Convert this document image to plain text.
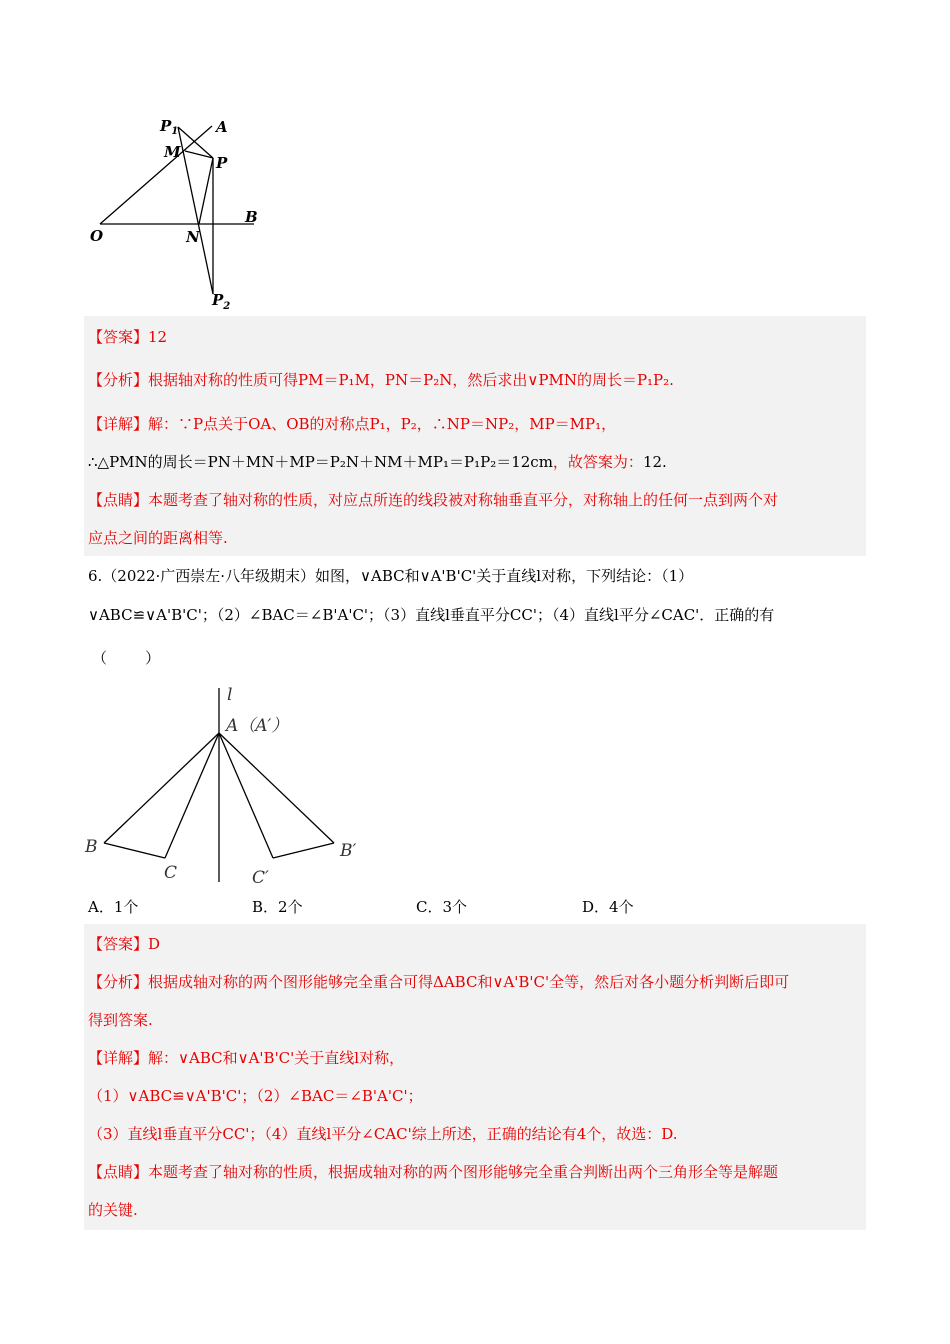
$P_1$	A
M
P
O	N
B
$P_2$
【答案】12
【分析】根据轴对称的性质可得PM＝P₁M，PN＝P₂N，然后求出∨PMN的周长＝P₁P₂.
【详解】解：∵P点关于OA、OB的对称点P₁，P₂，∴NP＝NP₂，MP＝MP₁，
∴△PMN的周长＝PN＋MN＋MP＝P₂N＋NM＋MP₁＝P₁P₂＝12cm，故答案为：12.
【点睛】本题考查了轴对称的性质，对应点所连的线段被对称轴垂直平分，对称轴上的任何一点到两个对
应点之间的距离相等.
6.（2022·广西崇左·八年级期末）如图，∨ABC和∨A'B'C'关于直线l对称，下列结论：（1）
∨ABC≌∨A'B'C'；（2）∠BAC＝∠B'A'C'；（3）直线l垂直平分CC'；（4）直线l平分∠CAC'．正确的有
（        ）
l
A（A′）
B
C	C′
B′
A．1个	B．2个	C．3个	D．4个
【答案】D
【分析】根据成轴对称的两个图形能够完全重合可得ΔABC和∨A'B'C'全等，然后对各小题分析判断后即可
得到答案.
【详解】解：∨ABC和∨A'B'C'关于直线l对称，
（1）∨ABC≌∨A'B'C'；（2）∠BAC＝∠B'A'C'；
（3）直线l垂直平分CC'；（4）直线l平分∠CAC'综上所述，正确的结论有4个，故选：D.
【点睛】本题考查了轴对称的性质，根据成轴对称的两个图形能够完全重合判断出两个三角形全等是解题
的关键.
